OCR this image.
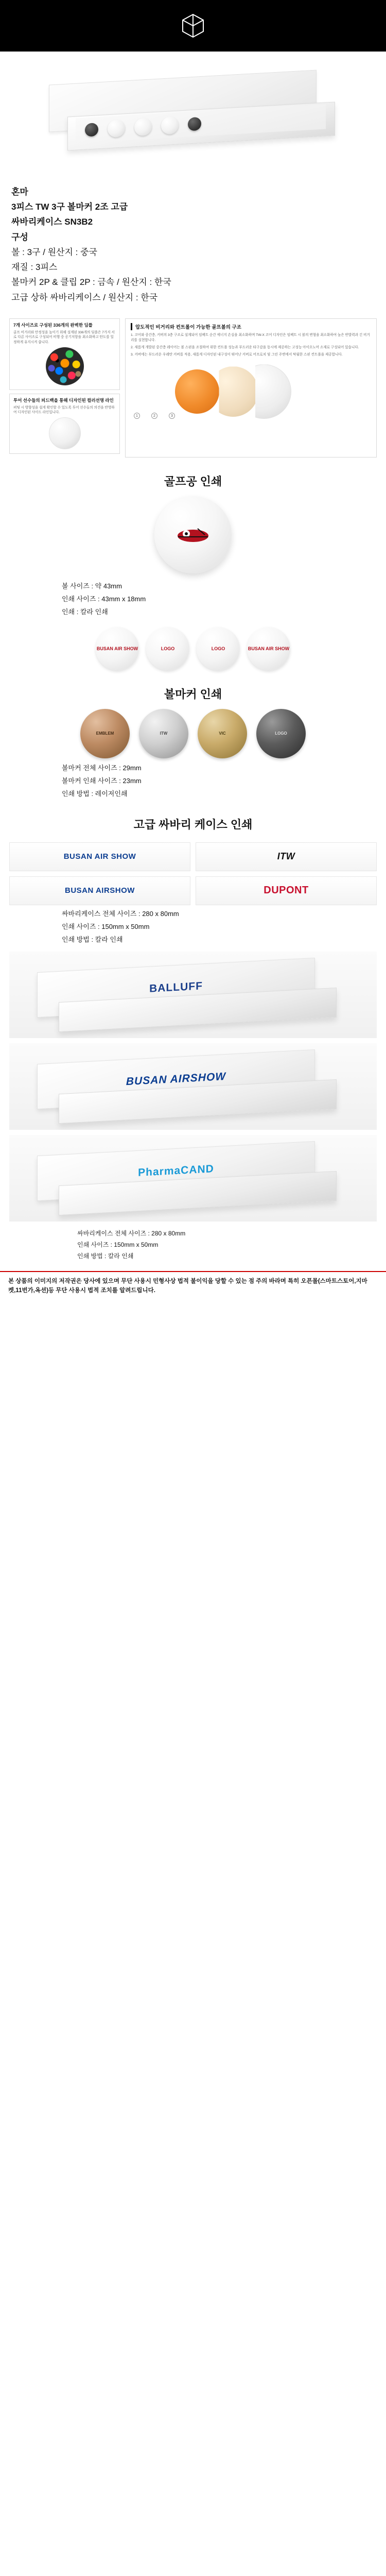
혼마
3피스 TW 3구 볼마커 2조 고급
싸바리케이스 SN3B2
구성
볼 : 3구 / 원산지 : 중국
재질 : 3피스
볼마커 2P & 클립 2P : 금속 / 원산지 : 한국
고급 상하 싸바리케이스 / 원산지 : 한국
7개 사이즈로 구성된 336개의 완벽한 딤플

골프 비거리와 안정성을 높이기 위해 설계된 336개의 딤플은 7가지 서로 다른 사이즈로 구성되어 비행 중 공기저항을 최소화하고 탄도를 일정하게 유지시켜 줍니다.

투어 선수들의 피드백을 통해 디자인된 컬러선명 라인

퍼팅 시 방향성을 쉽게 확인할 수 있도록 투어 선수들의 의견을 반영하여 디자인된 사이드 라인입니다.

압도적인 비거리와 컨트롤이 가능한 골프볼의 구조

1. 코어와 중간층, 커버의 3층 구조로 설계되어 임팩트 순간 에너지 손실을 최소화하며 TW-X 코어 디자인은 임팩트 시 볼의 변형을 최소화하여 높은 반발력과 긴 비거리를 실현합니다.

2. 새롭게 개발된 중간층 레이어는 볼 스핀을 조절하여 위한 컨트롤 성능과 부드러운 타구감을 동시에 제공하는 고성능 아이오노머 소재로 구성되어 있습니다.

3. 커버에는 부드러운 우레탄 커버를 적용, 새롭게 디자인된 내구성이 뛰어난 커버로 어프로치 및 그린 주변에서 탁월한 스핀 컨트롤을 제공합니다.

1	2	3
골프공 인쇄
볼 사이즈 : 약 43mm
인쇄 사이즈 : 43mm x 18mm
인쇄 : 칼라 인쇄
BUSAN AIR SHOW	LOGO	LOGO	BUSAN AIR SHOW
볼마커 인쇄
EMBLEM	ITW	VIC	LOGO
볼마커 전체 사이즈 : 29mm
볼마커 인쇄 사이즈 : 23mm
인쇄 방법 : 레이저인쇄
고급 싸바리 케이스 인쇄
BUSAN AIR SHOW	ITW
BUSAN AIRSHOW	DUPONT
싸바리케이스 전체 사이즈 : 280 x 80mm
인쇄 사이즈 : 150mm x 50mm
인쇄 방법 : 칼라 인쇄
BALLUFF
BUSAN AIRSHOW
PharmaCAND
싸바리케이스 전체 사이즈 : 280 x 80mm
인쇄 사이즈 : 150mm x 50mm
인쇄 방법 : 칼라 인쇄
본 상품의 이미지의 저작권은 당사에 있으며 무단 사용시 민형사상 법적 불이익을 당할 수 있는 점 주의 바라며 특히 오픈몰(스마트스토어,지마켓,11번가,옥션)등 무단 사용시 법적 조치를 알려드립니다.
